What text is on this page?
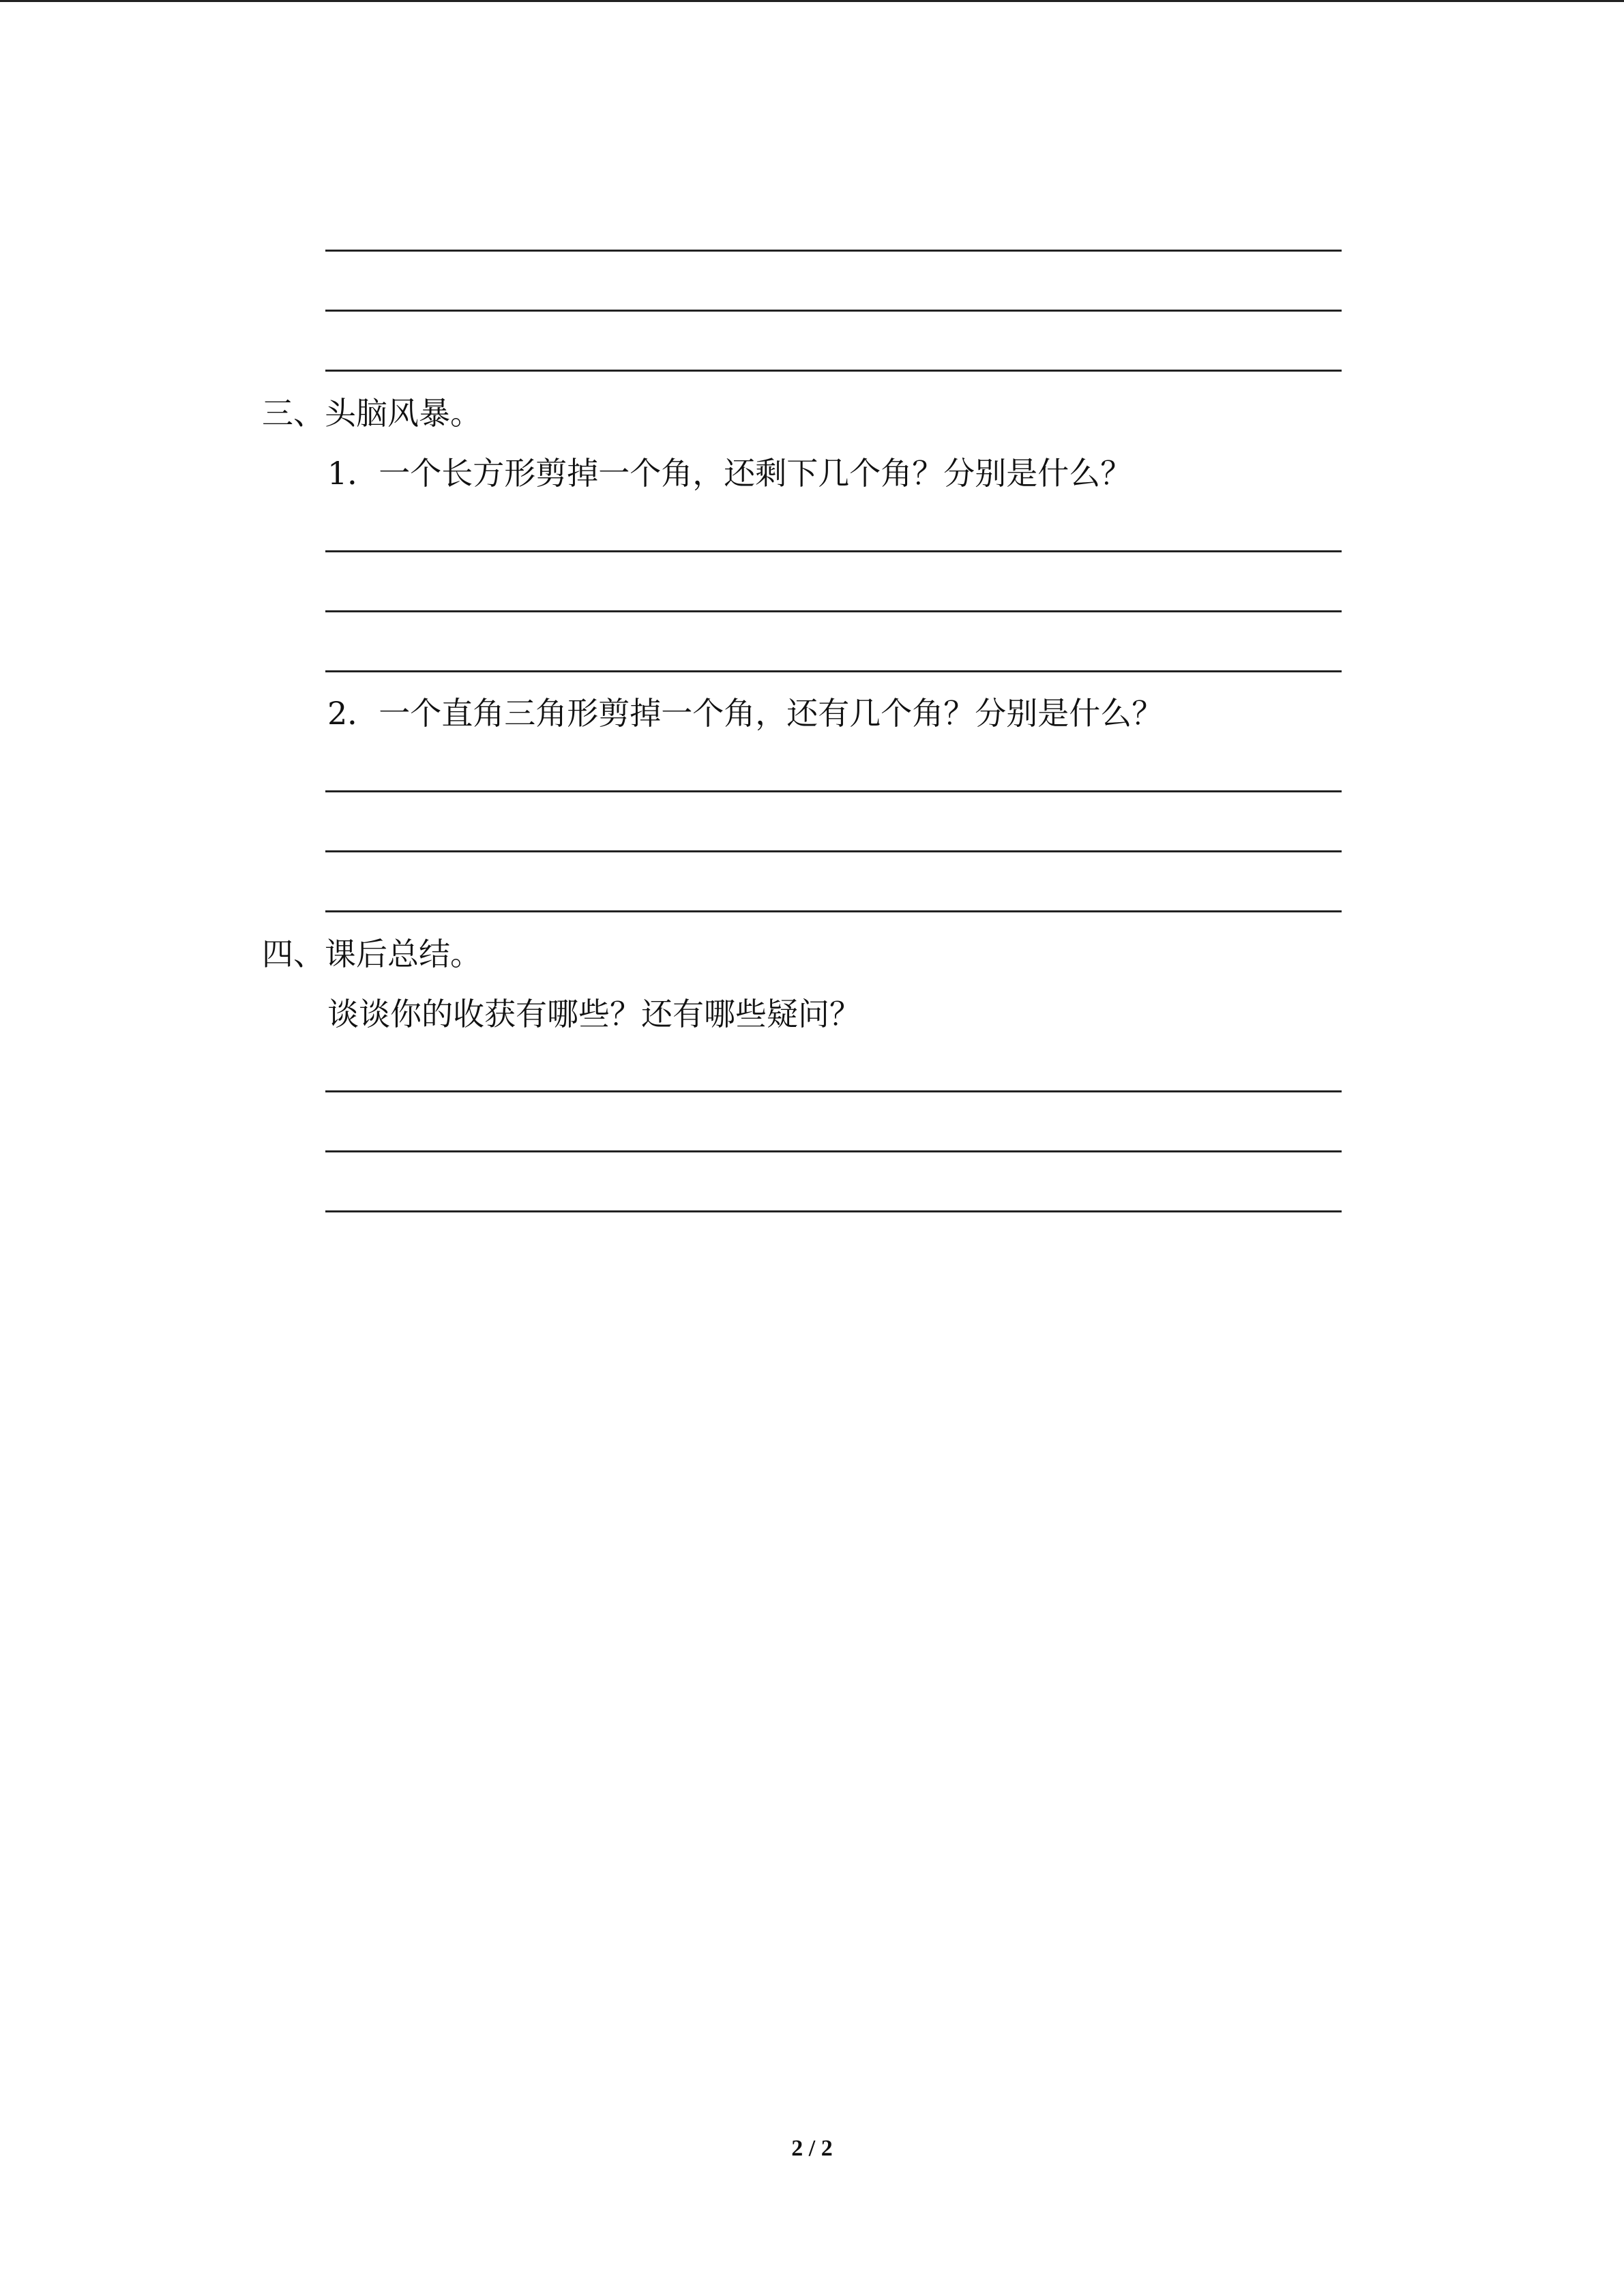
三、头脑风暴。
1．一个长方形剪掉一个角，还剩下几个角？分别是什么？
2．一个直角三角形剪掉一个角，还有几个角？分别是什么？
四、课后总结。
谈谈你的收获有哪些？还有哪些疑问？
2 / 2
